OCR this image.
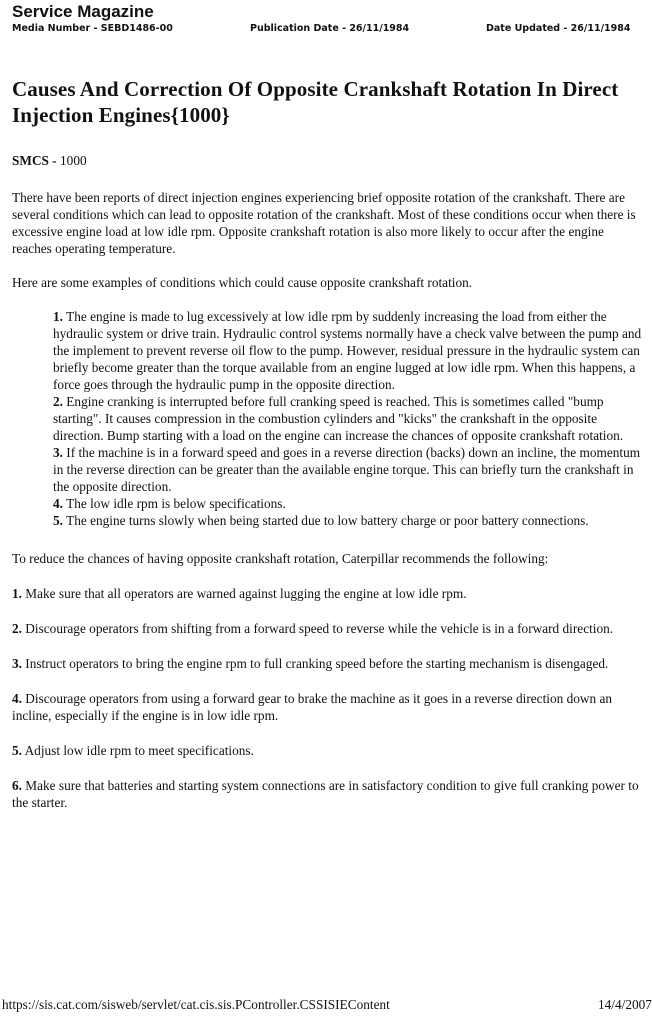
Service Magazine
Media Number - SEBD1486-00	Publication Date - 26/11/1984	Date Updated - 26/11/1984
Causes And Correction Of Opposite Crankshaft Rotation In Direct Injection Engines{1000}
SMCS - 1000

There have been reports of direct injection engines experiencing brief opposite rotation of the crankshaft. There are several conditions which can lead to opposite rotation of the crankshaft. Most of these conditions occur when there is excessive engine load at low idle rpm. Opposite crankshaft rotation is also more likely to occur after the engine reaches operating temperature.

Here are some examples of conditions which could cause opposite crankshaft rotation.

1. The engine is made to lug excessively at low idle rpm by suddenly increasing the load from either the hydraulic system or drive train. Hydraulic control systems normally have a check valve between the pump and the implement to prevent reverse oil flow to the pump. However, residual pressure in the hydraulic system can briefly become greater than the torque available from an engine lugged at low idle rpm. When this happens, a force goes through the hydraulic pump in the opposite direction.
2. Engine cranking is interrupted before full cranking speed is reached. This is sometimes called "bump starting". It causes compression in the combustion cylinders and "kicks" the crankshaft in the opposite direction. Bump starting with a load on the engine can increase the chances of opposite crankshaft rotation.
3. If the machine is in a forward speed and goes in a reverse direction (backs) down an incline, the momentum in the reverse direction can be greater than the available engine torque. This can briefly turn the crankshaft in the opposite direction.
4. The low idle rpm is below specifications.
5. The engine turns slowly when being started due to low battery charge or poor battery connections.

To reduce the chances of having opposite crankshaft rotation, Caterpillar recommends the following:

1. Make sure that all operators are warned against lugging the engine at low idle rpm.
2. Discourage operators from shifting from a forward speed to reverse while the vehicle is in a forward direction.
3. Instruct operators to bring the engine rpm to full cranking speed before the starting mechanism is disengaged.
4. Discourage operators from using a forward gear to brake the machine as it goes in a reverse direction down an incline, especially if the engine is in low idle rpm.
5. Adjust low idle rpm to meet specifications.
6. Make sure that batteries and starting system connections are in satisfactory condition to give full cranking power to the starter.
https://sis.cat.com/sisweb/servlet/cat.cis.sis.PController.CSSISIEContent	14/4/2007
